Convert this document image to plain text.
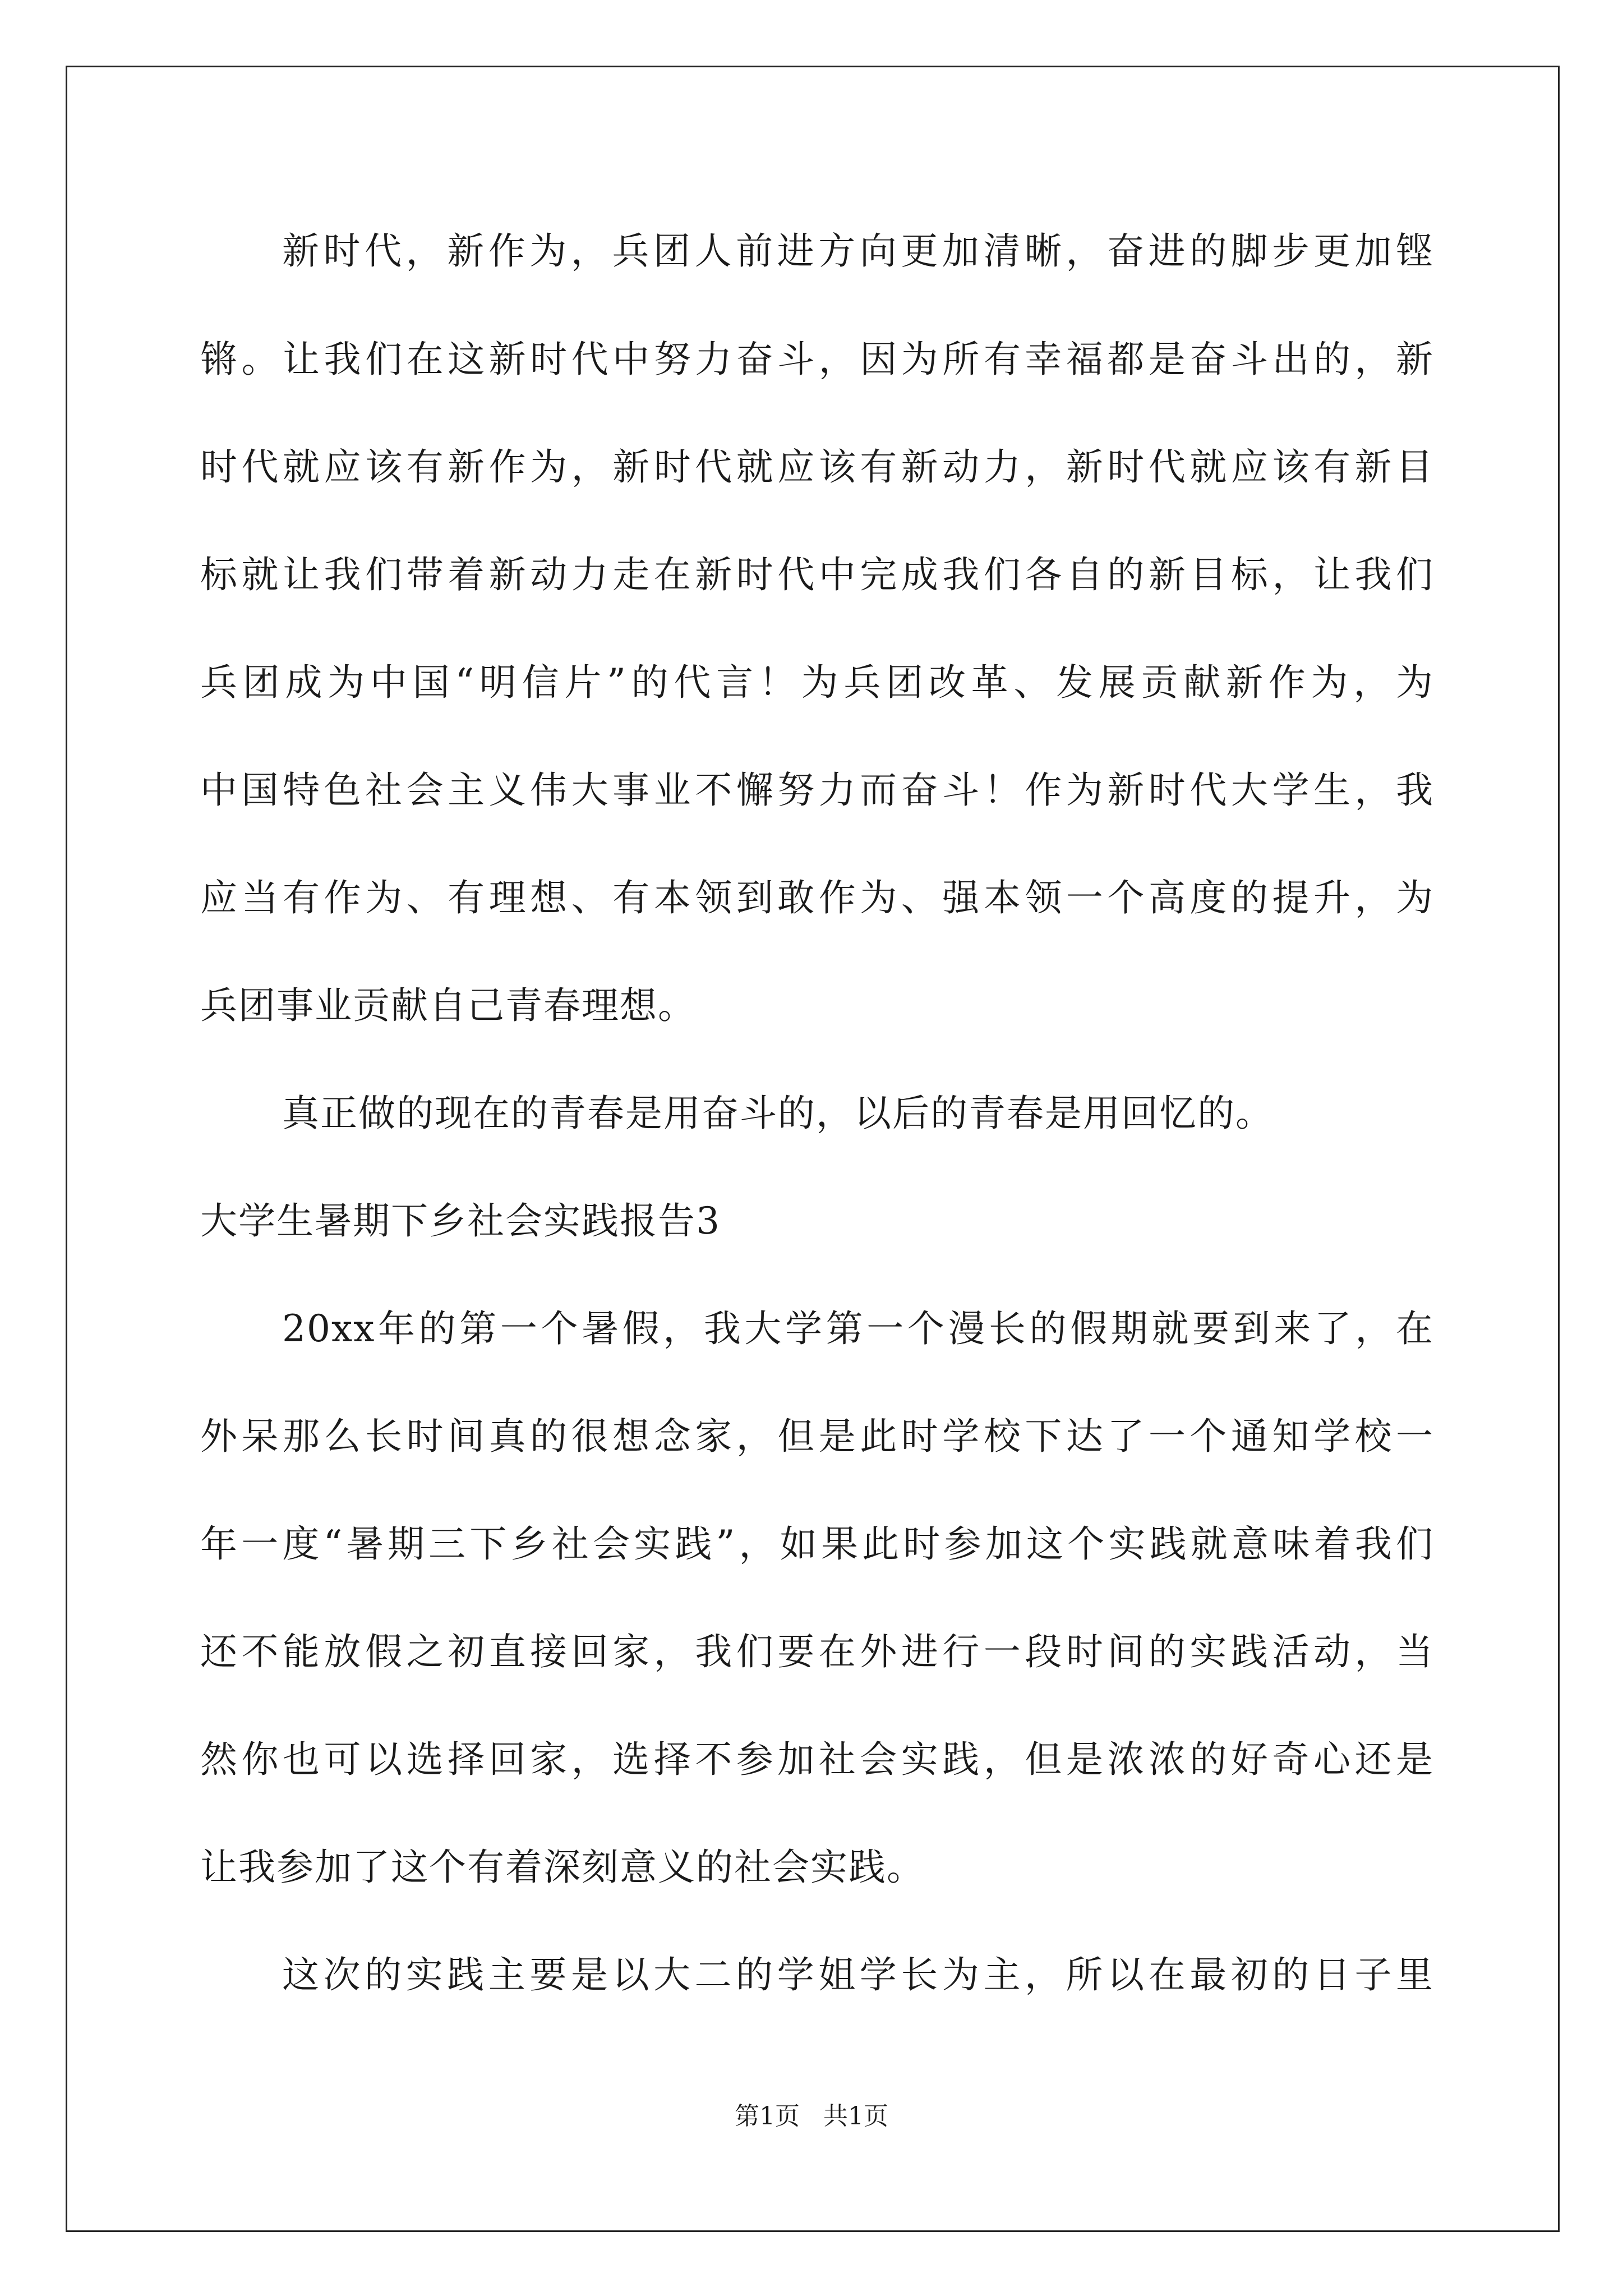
新时代，新作为，兵团人前进方向更加清晰，奋进的脚步更加铿
锵。让我们在这新时代中努力奋斗，因为所有幸福都是奋斗出的，新
时代就应该有新作为，新时代就应该有新动力，新时代就应该有新目
标就让我们带着新动力走在新时代中完成我们各自的新目标，让我们
兵团成为中国“明信片”的代言！为兵团改革、发展贡献新作为，为
中国特色社会主义伟大事业不懈努力而奋斗！作为新时代大学生，我
应当有作为、有理想、有本领到敢作为、强本领一个高度的提升，为
兵团事业贡献自己青春理想。
真正做的现在的青春是用奋斗的，以后的青春是用回忆的。
大学生暑期下乡社会实践报告3
20xx年的第一个暑假，我大学第一个漫长的假期就要到来了，在
外呆那么长时间真的很想念家，但是此时学校下达了一个通知学校一
年一度“暑期三下乡社会实践”，如果此时参加这个实践就意味着我们
还不能放假之初直接回家，我们要在外进行一段时间的实践活动，当
然你也可以选择回家，选择不参加社会实践，但是浓浓的好奇心还是
让我参加了这个有着深刻意义的社会实践。
这次的实践主要是以大二的学姐学长为主，所以在最初的日子里
第1页   共1页
